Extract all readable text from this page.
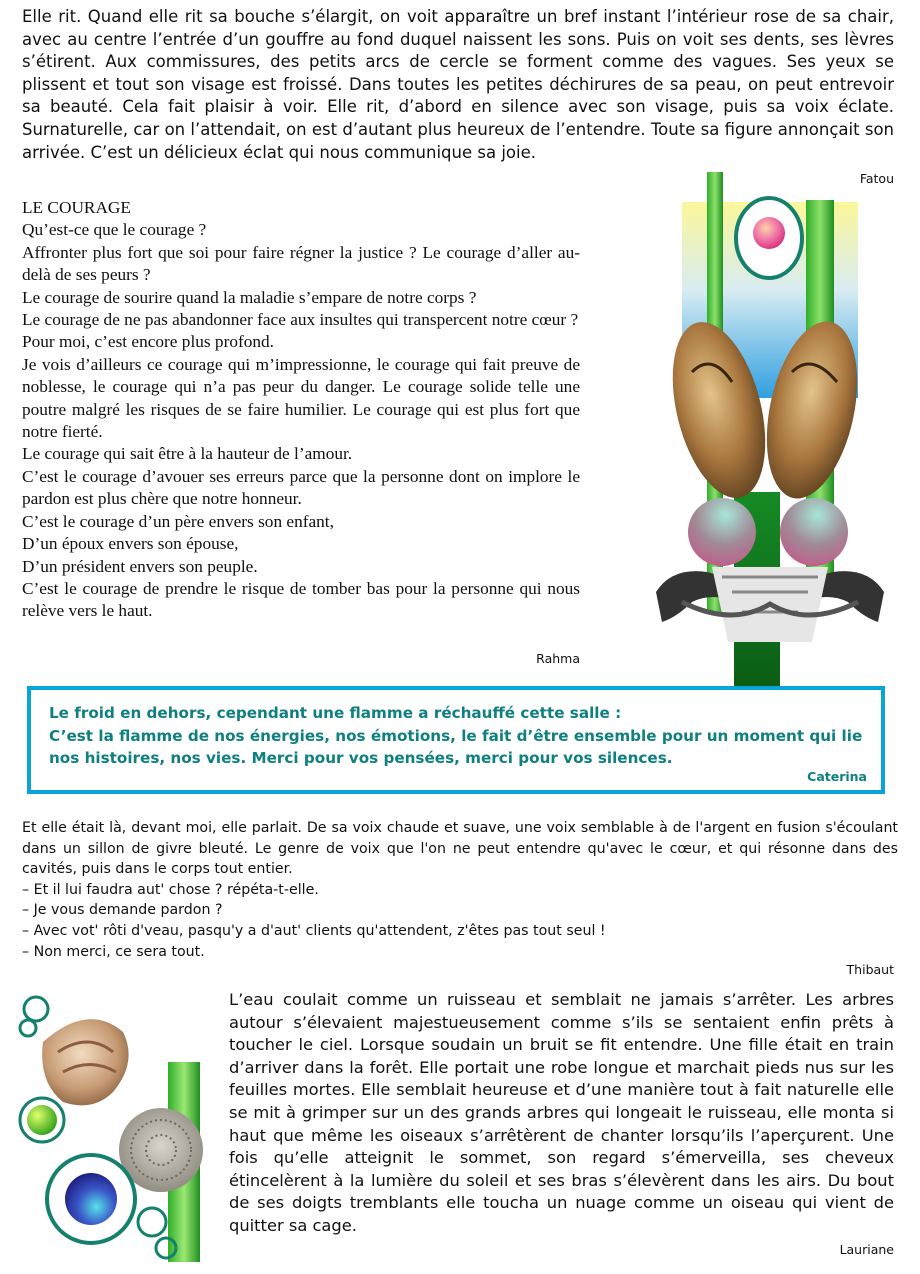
Elle rit. Quand elle rit sa bouche s’élargit, on voit apparaître un bref instant l’intérieur rose de sa chair, avec au centre l’entrée d’un gouffre au fond duquel naissent les sons. Puis on voit ses dents, ses lèvres s’étirent. Aux commissures, des petits arcs de cercle se forment comme des vagues. Ses yeux se plissent et tout son visage est froissé. Dans toutes les petites déchirures de sa peau, on peut entrevoir sa beauté. Cela fait plaisir à voir. Elle rit, d’abord en silence avec son visage, puis sa voix éclate. Surnaturelle, car on l’attendait, on est d’autant plus heureux de l’entendre. Toute sa figure annonçait son arrivée. C’est un délicieux éclat qui nous communique sa joie.
Fatou

LE COURAGE

Qu’est-ce que le courage ?

Affronter plus fort que soi pour faire régner la justice ? Le courage d’aller au-delà de ses peurs ?

Le courage de sourire quand la maladie s’empare de notre corps ?

Le courage de ne pas abandonner face aux insultes qui transpercent notre cœur ?

Pour moi, c’est encore plus profond.

Je vois d’ailleurs ce courage qui m’impressionne, le courage qui fait preuve de noblesse, le courage qui n’a pas peur du danger. Le courage solide telle une poutre malgré les risques de se faire humilier. Le courage qui est plus fort que notre fierté.

Le courage qui sait être à la hauteur de l’amour.

C’est le courage d’avouer ses erreurs parce que la personne dont on implore le pardon est plus chère que notre honneur.

C’est le courage d’un père envers son enfant,

D’un époux envers son épouse,

D’un président envers son peuple.

C’est le courage de prendre le risque de tomber bas pour la personne qui nous relève vers le haut.

Rahma
Le froid en dehors, cependant une flamme a réchauffé cette salle :
C’est la flamme de nos énergies, nos émotions, le fait d’être ensemble pour un moment qui lie nos histoires, nos vies. Merci pour vos pensées, merci pour vos silences.
Caterina

Et elle était là, devant moi, elle parlait. De sa voix chaude et suave, une voix semblable à de l'argent en fusion s'écoulant dans un sillon de givre bleuté. Le genre de voix que l'on ne peut entendre qu'avec le cœur, et qui résonne dans des cavités, puis dans le corps tout entier.

– Et il lui faudra aut' chose ? répéta-t-elle.

– Je vous demande pardon ?

– Avec vot' rôti d'veau, pasqu'y a d'aut' clients qu'attendent, z'êtes pas tout seul !

– Non merci, ce sera tout.

Thibaut
L’eau coulait comme un ruisseau et semblait ne jamais s’arrêter. Les arbres autour s’élevaient majestueusement comme s’ils se sentaient enfin prêts à toucher le ciel. Lorsque soudain un bruit se fit entendre. Une fille était en train d’arriver dans la forêt. Elle portait une robe longue et marchait pieds nus sur les feuilles mortes. Elle semblait heureuse et d’une manière tout à fait naturelle elle se mit à grimper sur un des grands arbres qui longeait le ruisseau, elle monta si haut que même les oiseaux s’arrêtèrent de chanter lorsqu’ils l’aperçurent. Une fois qu’elle atteignit le sommet, son regard s’émerveilla, ses cheveux étincelèrent à la lumière du soleil et ses bras s’élevèrent dans les airs. Du bout de ses doigts tremblants elle toucha un nuage comme un oiseau qui vient de quitter sa cage.
Lauriane
